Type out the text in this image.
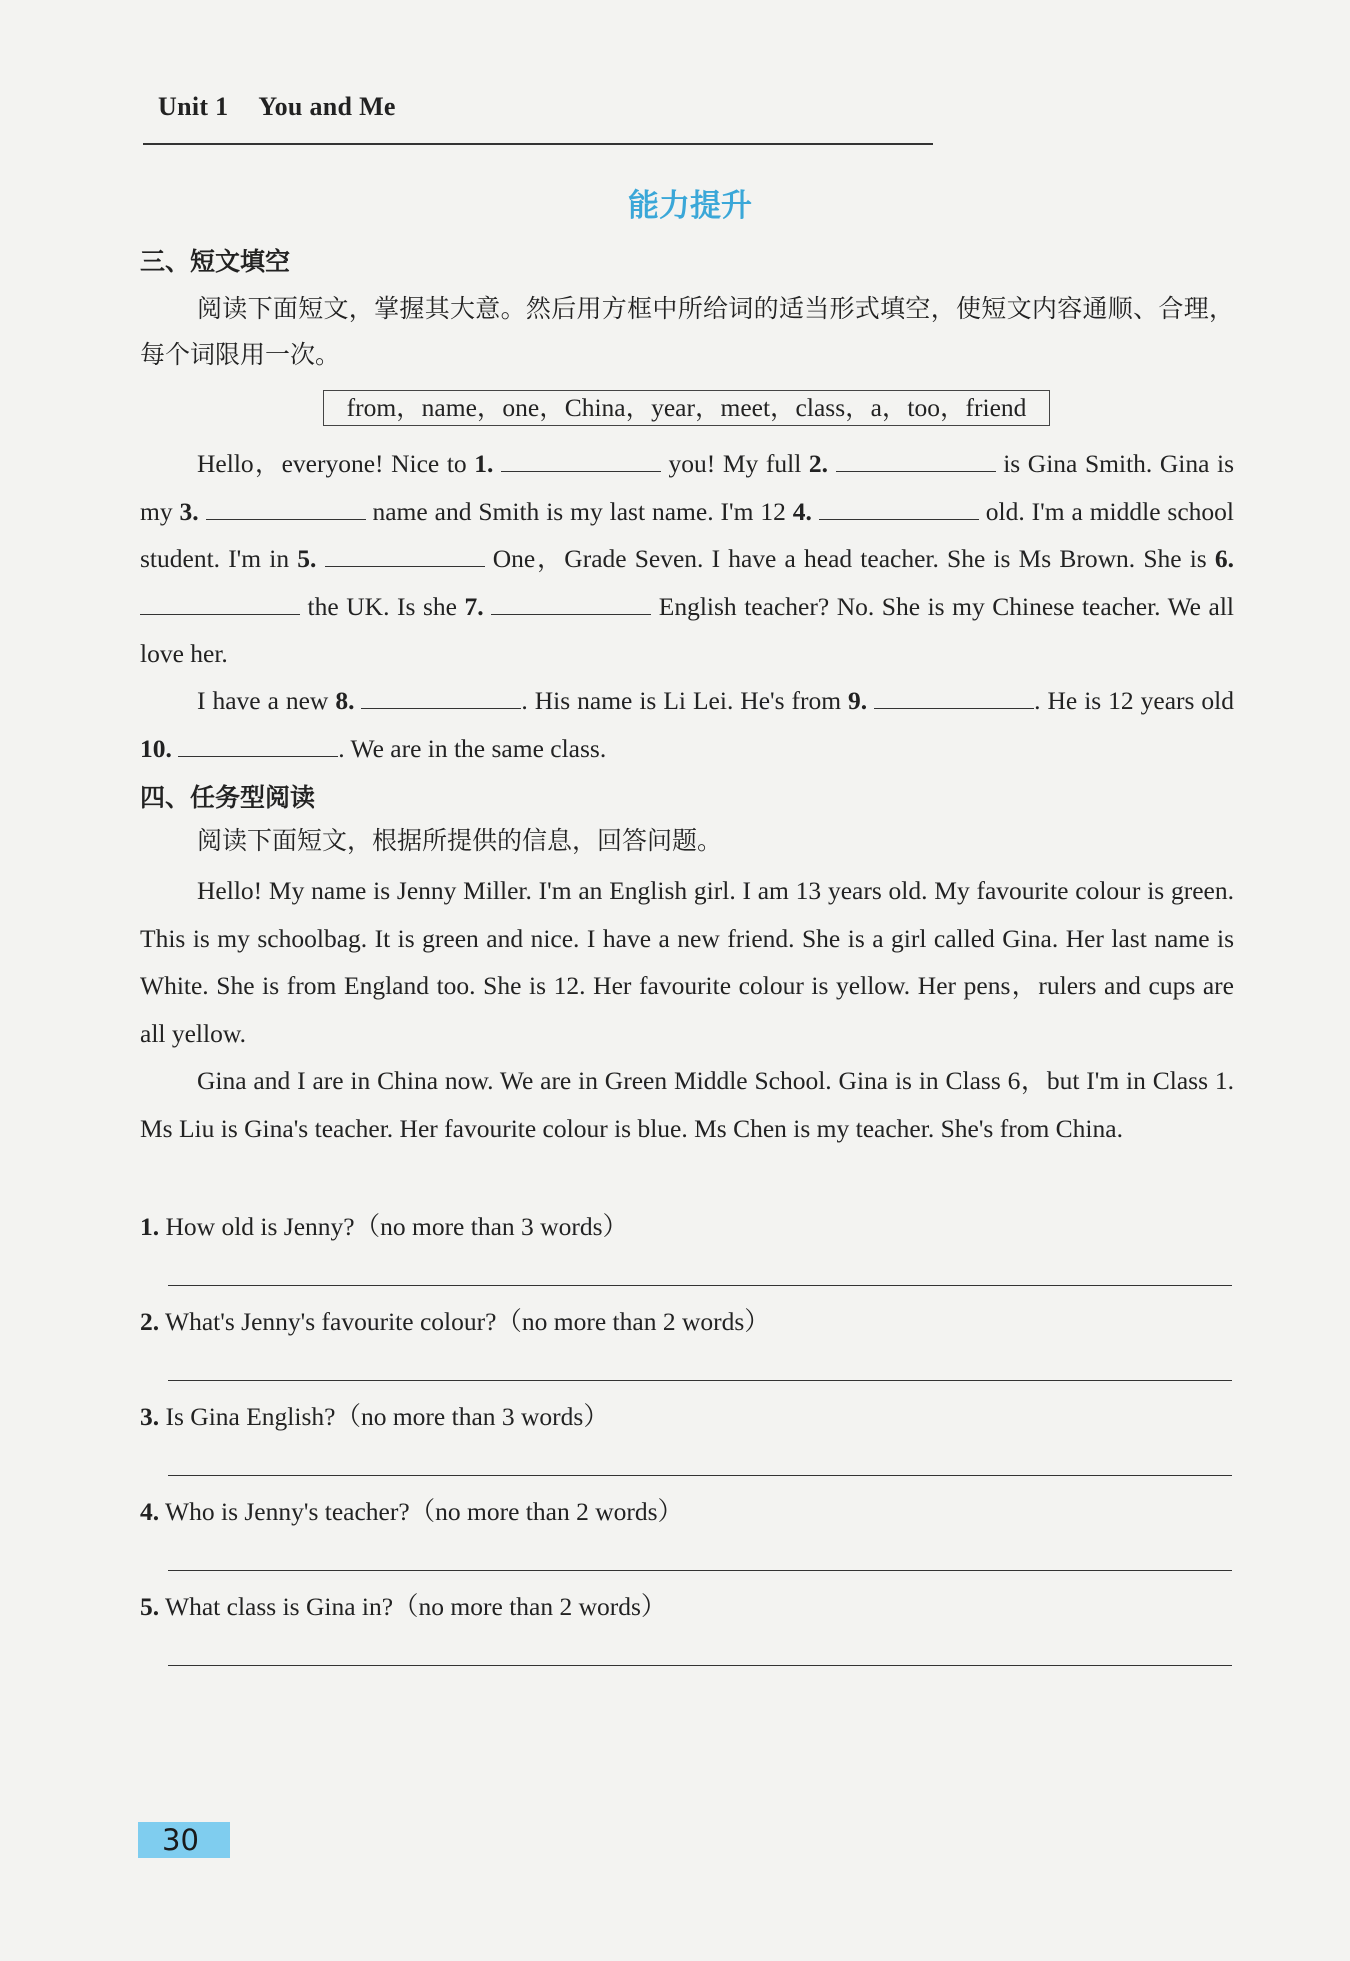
Unit 1 You and Me
能力提升
三、短文填空
阅读下面短文，掌握其大意。然后用方框中所给词的适当形式填空，使短文内容通顺、合理，每个词限用一次。
from，name，one，China，year，meet，class，a，too，friend
Hello，everyone! Nice to 1.	you! My full 2.	is Gina Smith. Gina is my 3.	name and Smith is my last name. I'm 12 4.	old. I'm a middle school student. I'm in 5.	One，Grade Seven. I have a head teacher. She is Ms Brown. She is 6.  the UK. Is she 7.	English teacher? No. She is my Chinese teacher. We all love her.
I have a new 8.	. His name is Li Lei. He's from 9.	. He is 12 years old 10.	. We are in the same class.
四、任务型阅读
阅读下面短文，根据所提供的信息，回答问题。
Hello! My name is Jenny Miller. I'm an English girl. I am 13 years old. My favourite colour is green. This is my schoolbag. It is green and nice. I have a new friend. She is a girl called Gina. Her last name is White. She is from England too. She is 12. Her favourite colour is yellow. Her pens，rulers and cups are all yellow.
Gina and I are in China now. We are in Green Middle School. Gina is in Class 6，but I'm in Class 1. Ms Liu is Gina's teacher. Her favourite colour is blue. Ms Chen is my teacher. She's from China.
1. How old is Jenny?（no more than 3 words）
2. What's Jenny's favourite colour?（no more than 2 words）
3. Is Gina English?（no more than 3 words）
4. Who is Jenny's teacher?（no more than 2 words）
5. What class is Gina in?（no more than 2 words）
30
